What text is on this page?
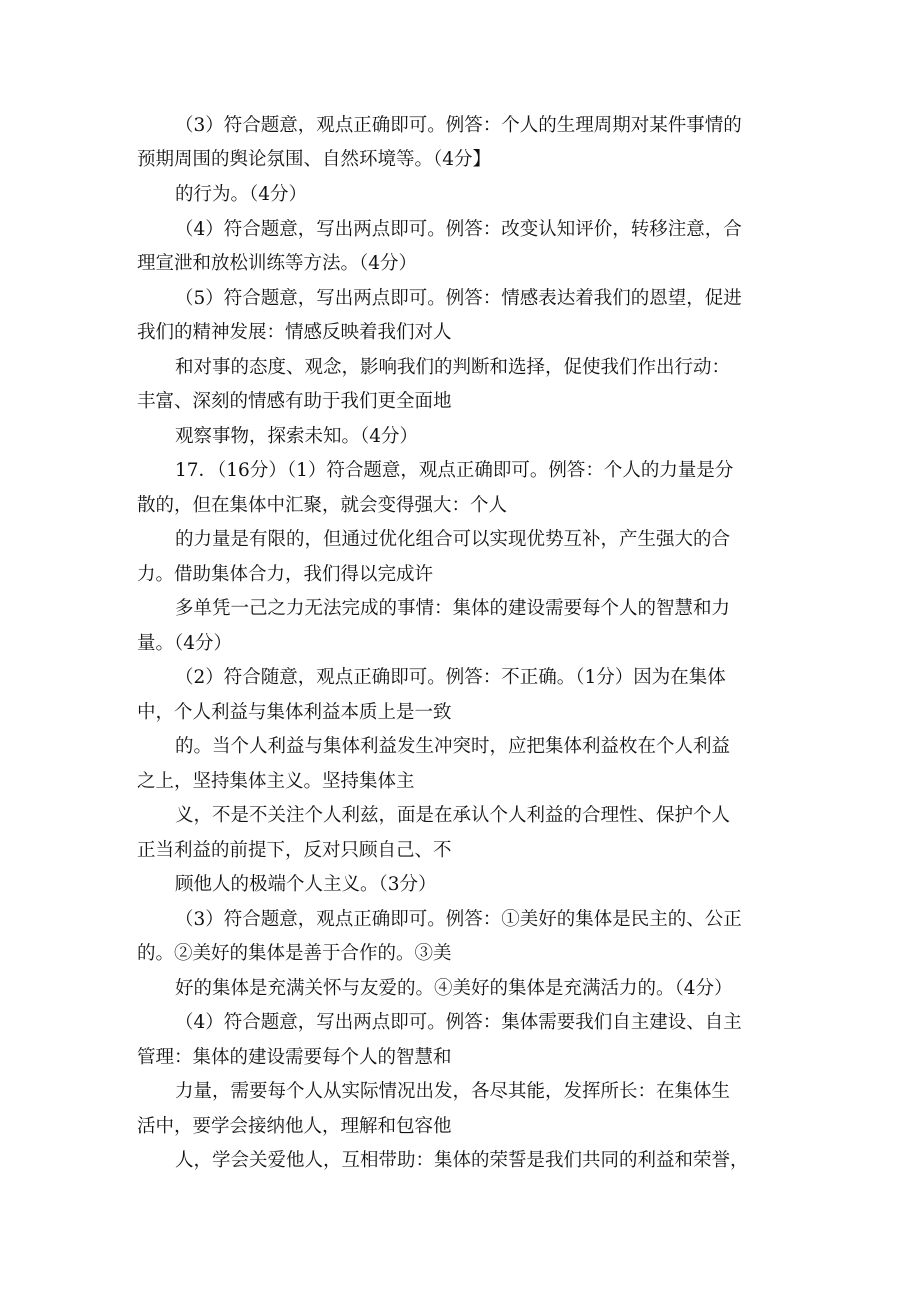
（3）符合题意，观点正确即可。例答：个人的生理周期对某件事情的
预期周围的舆论氛围、自然环境等。（4分】
的行为。（4分）
（4）符合题意，写出两点即可。例答：改变认知评价，转移注意，合
理宣泄和放松训练等方法。（4分）
（5）符合题意，写出两点即可。例答：情感表达着我们的恩望，促进
我们的精神发展：情感反映着我们对人
和对事的态度、观念，影响我们的判断和选择，促使我们作出行动：
丰富、深刻的情感有助于我们更全面地
观察事物，探索未知。（4分）
17．（16分）（1）符合题意，观点正确即可。例答：个人的力量是分
散的，但在集体中汇聚，就会变得强大：个人
的力量是有限的，但通过优化组合可以实现优势互补，产生强大的合
力。借助集体合力，我们得以完成许
多单凭一己之力无法完成的事情：集体的建设需要每个人的智慧和力
量。（4分）
（2）符合随意，观点正确即可。例答：不正确。（1分）因为在集体
中，个人利益与集体利益本质上是一致
的。当个人利益与集体利益发生冲突时，应把集体利益枚在个人利益
之上，坚持集体主义。坚持集体主
义，不是不关注个人利兹，面是在承认个人利益的合理性、保护个人
正当利益的前提下，反对只顾自己、不
顾他人的极端个人主义。（3分）
（3）符合题意，观点正确即可。例答：①美好的集体是民主的、公正
的。②美好的集体是善于合作的。③美
好的集体是充满关怀与友爱的。④美好的集体是充满活力的。（4分）
（4）符合题意，写出两点即可。例答：集体需要我们自主建设、自主
管理：集体的建设需要每个人的智慧和
力量，需要每个人从实际情况出发，各尽其能，发挥所长：在集体生
活中，要学会接纳他人，理解和包容他
人，学会关爱他人，互相带助：集体的荣誓是我们共同的利益和荣誉，
